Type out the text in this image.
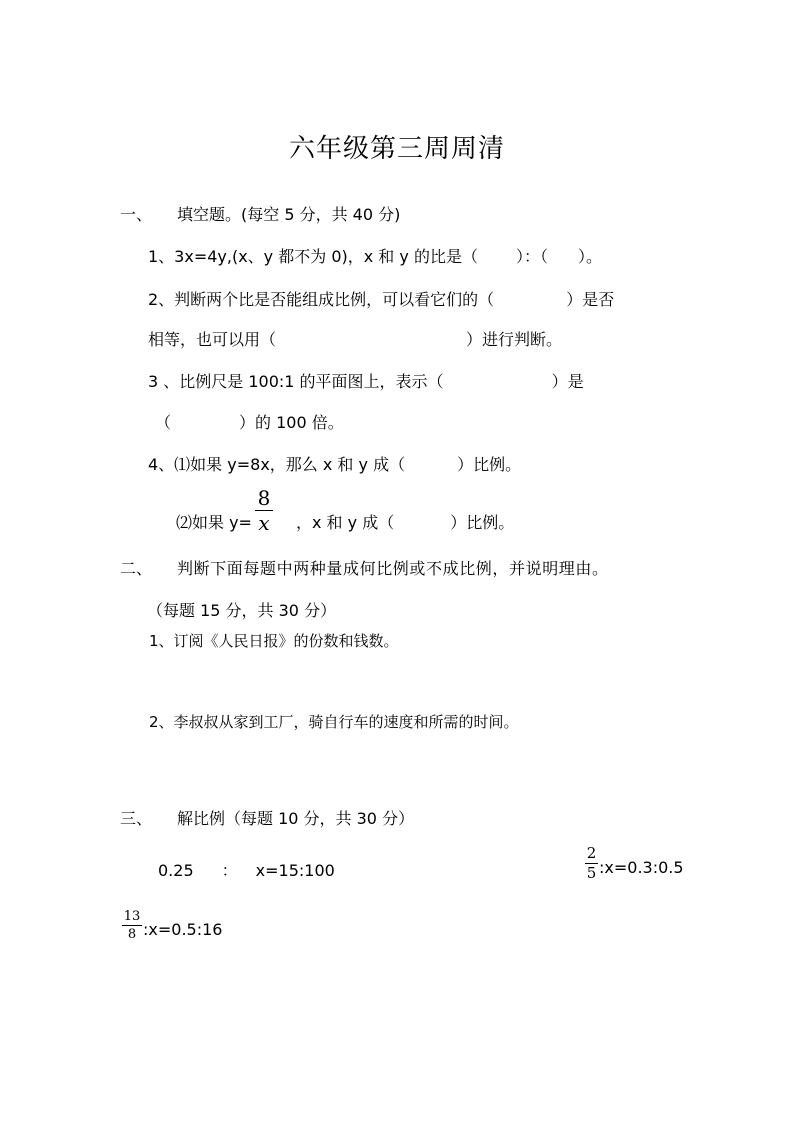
六年级第三周周清
一、 填空题。(每空 5 分，共 40 分)
1、3x=4y,(x、y 都不为 0)，x 和 y 的比是（ ）：（ ）。
2、判断两个比是否能组成比例，可以看它们的（	）是否
相等，也可以用（	）进行判断。
3 、比例尺是 100:1 的平面图上，表示（	）是
（	）的 100 倍。
4、⑴如果 y=8x，那么 x 和 y 成（	）比例。
⑵如果 y=
8
x ，x 和 y 成（	）比例。
二、 判断下面每题中两种量成何比例或不成比例，并说明理由。
（每题 15 分，共 30 分）
1、订阅《人民日报》的份数和钱数。
2、李叔叔从家到工厂，骑自行车的速度和所需的时间。
三、 解比例（每题 10 分，共 30 分）
0.25 ： x=15:100
2
5 :x=0.3:0.5
13
8 :x=0.5:16
